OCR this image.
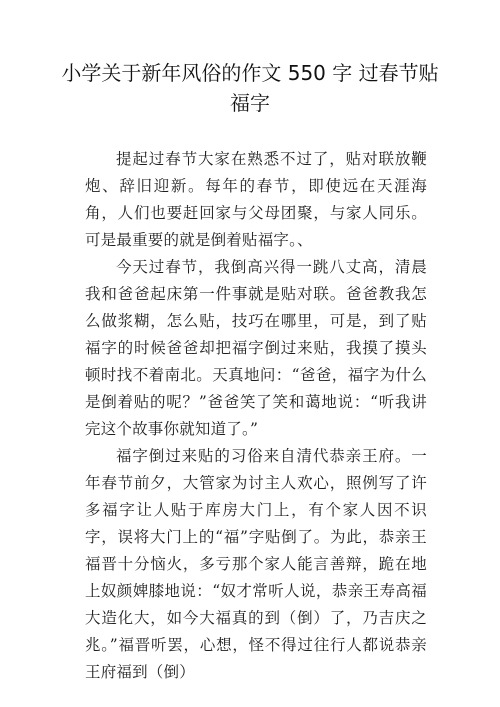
小学关于新年风俗的作文 550 字 过春节贴福字

提起过春节大家在熟悉不过了，贴对联放鞭炮、辞旧迎新。每年的春节，即使远在天涯海角，人们也要赶回家与父母团聚，与家人同乐。可是最重要的就是倒着贴福字。、

今天过春节，我倒高兴得一跳八丈高，清晨我和爸爸起床第一件事就是贴对联。爸爸教我怎么做浆糊，怎么贴，技巧在哪里，可是，到了贴福字的时候爸爸却把福字倒过来贴，我摸了摸头顿时找不着南北。天真地问：“爸爸，福字为什么是倒着贴的呢？”爸爸笑了笑和蔼地说：“听我讲完这个故事你就知道了。”

福字倒过来贴的习俗来自清代恭亲王府。一年春节前夕，大管家为讨主人欢心，照例写了许多福字让人贴于库房大门上，有个家人因不识字，误将大门上的“福”字贴倒了。为此，恭亲王福晋十分恼火，多亏那个家人能言善辩，跪在地上奴颜婢膝地说：“奴才常听人说，恭亲王寿高福大造化大，如今大福真的到（倒）了，乃吉庆之兆。”福晋听罢，心想，怪不得过往行人都说恭亲王府福到（倒）
